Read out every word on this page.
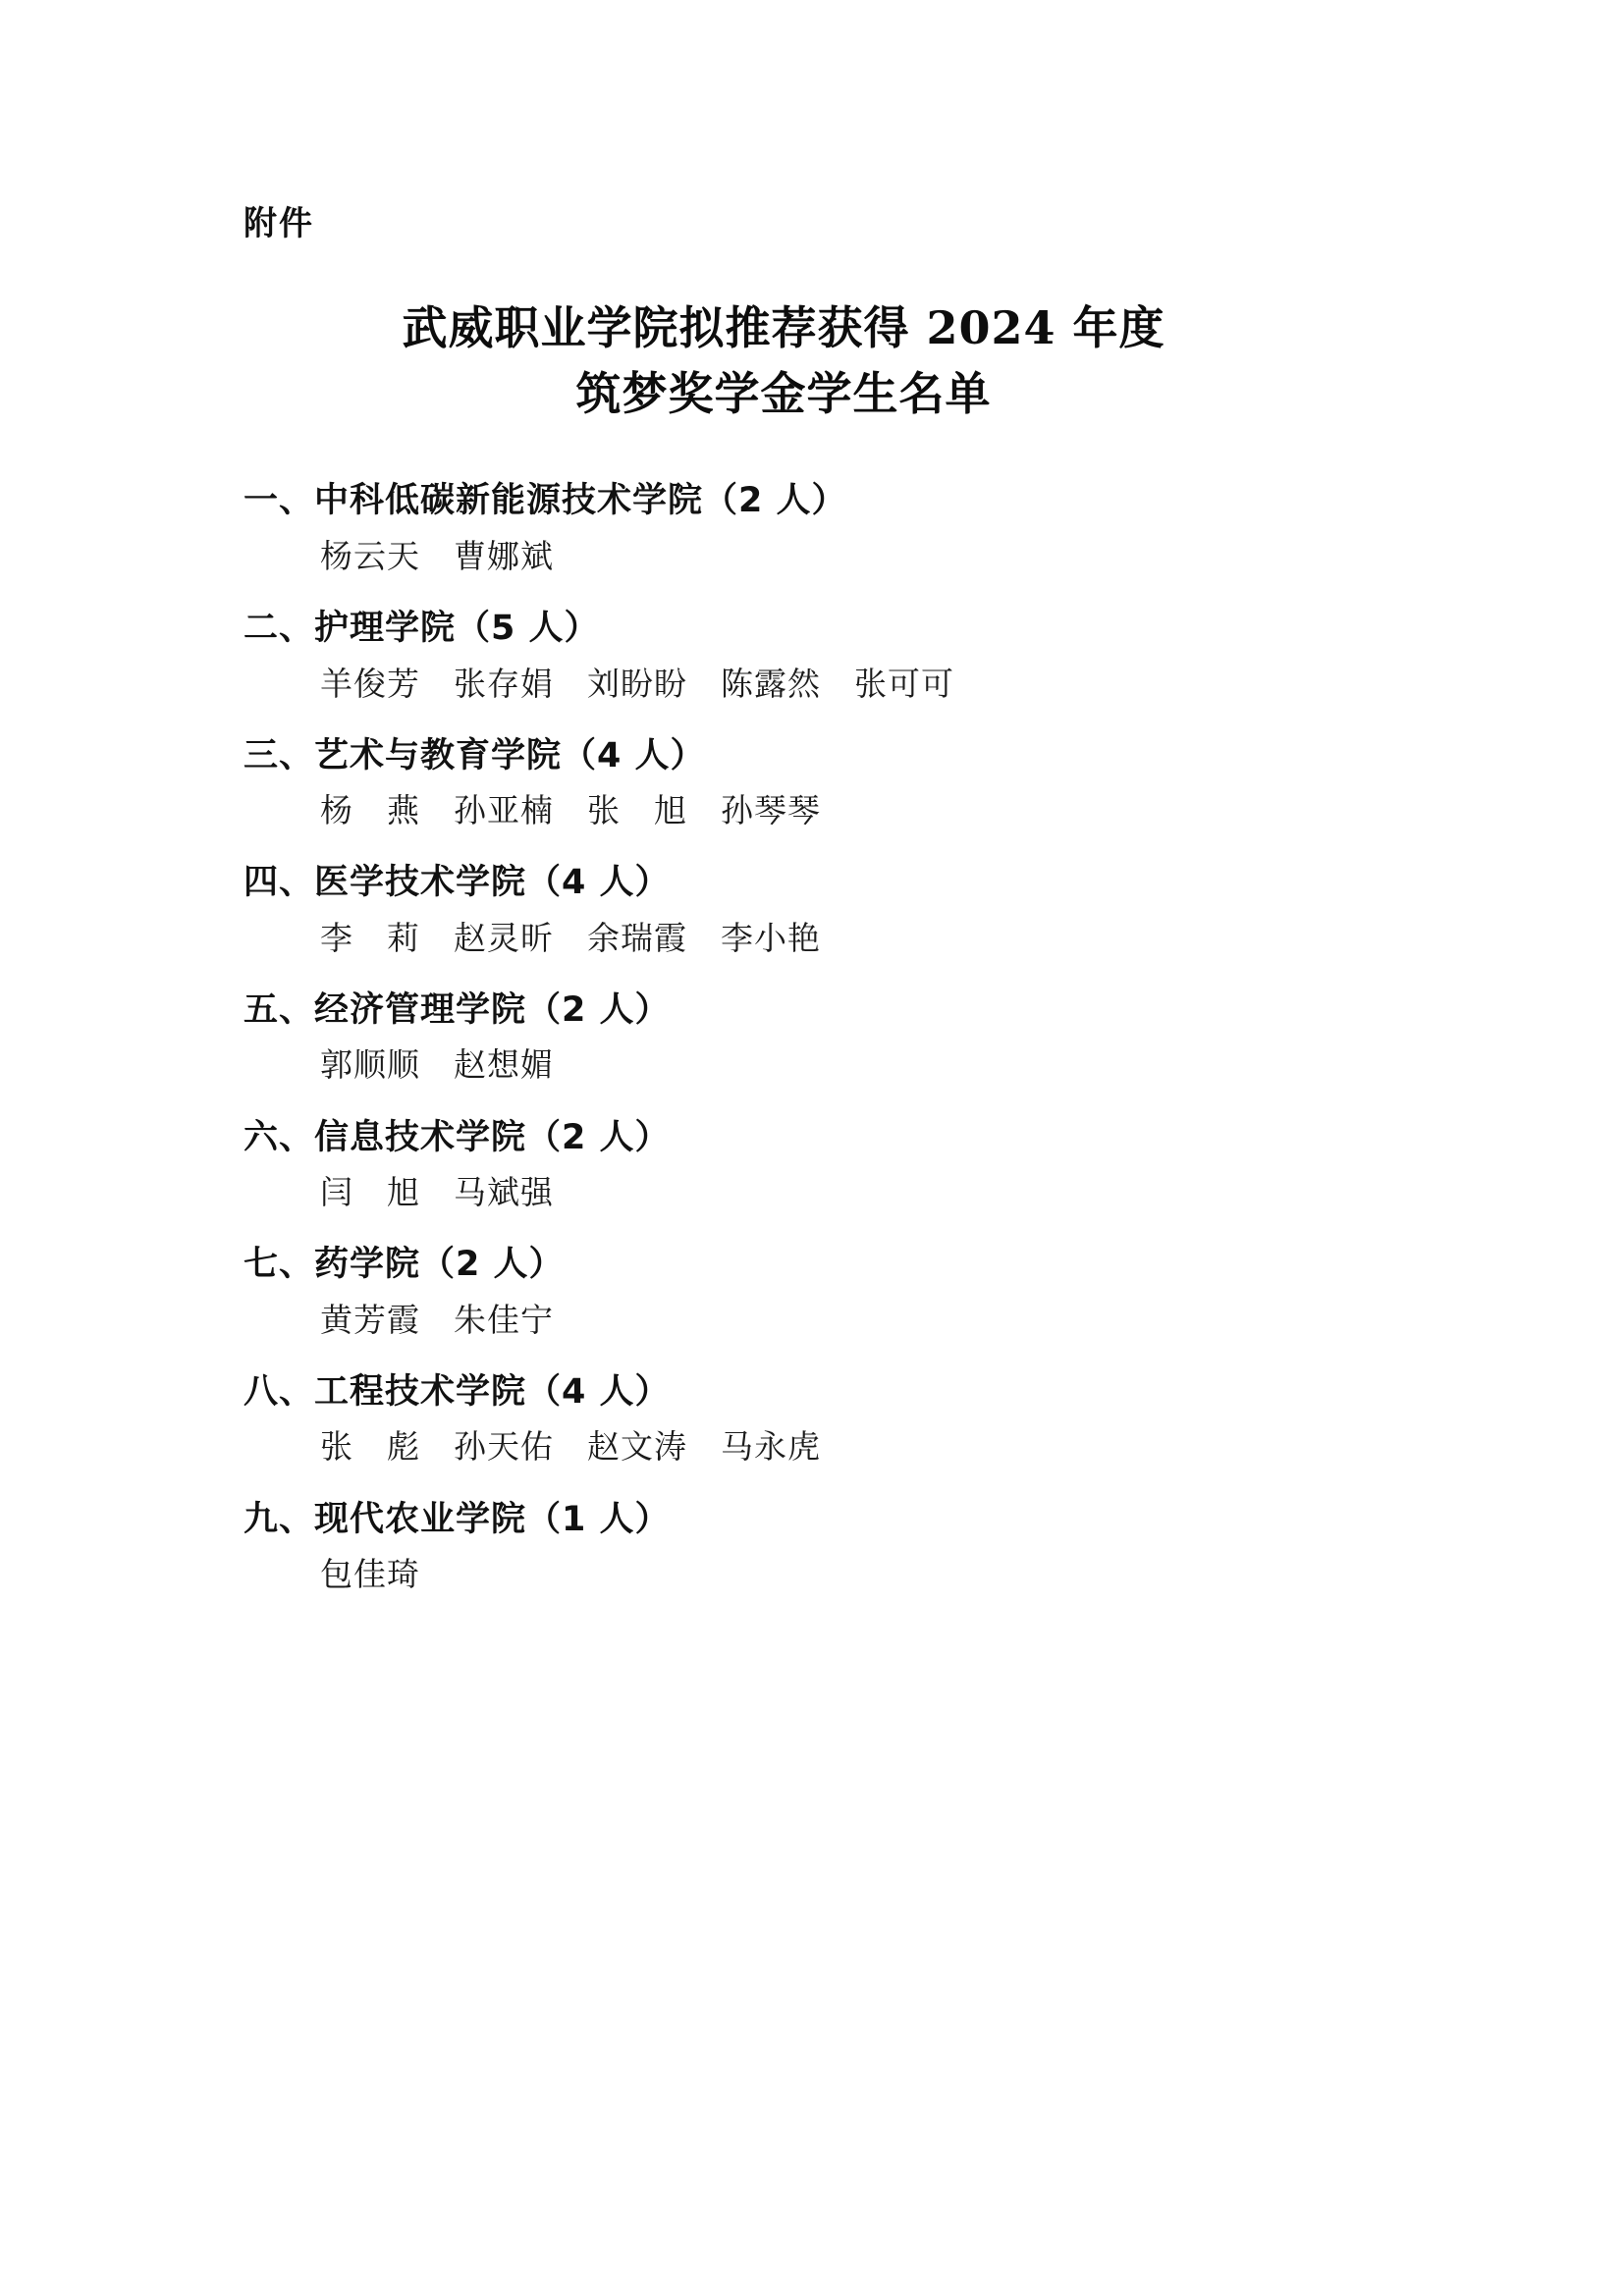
附件
武威职业学院拟推荐获得 2024 年度
筑梦奖学金学生名单
一、中科低碳新能源技术学院（2 人）
杨云天　曹娜斌
二、护理学院（5 人）
羊俊芳　张存娟　刘盼盼　陈露然　张可可
三、艺术与教育学院（4 人）
杨　燕　孙亚楠　张　旭　孙琴琴
四、医学技术学院（4 人）
李　莉　赵灵昕　余瑞霞　李小艳
五、经济管理学院（2 人）
郭顺顺　赵想媚
六、信息技术学院（2 人）
闫　旭　马斌强
七、药学院（2 人）
黄芳霞　朱佳宁
八、工程技术学院（4 人）
张　彪　孙天佑　赵文涛　马永虎
九、现代农业学院（1 人）
包佳琦
